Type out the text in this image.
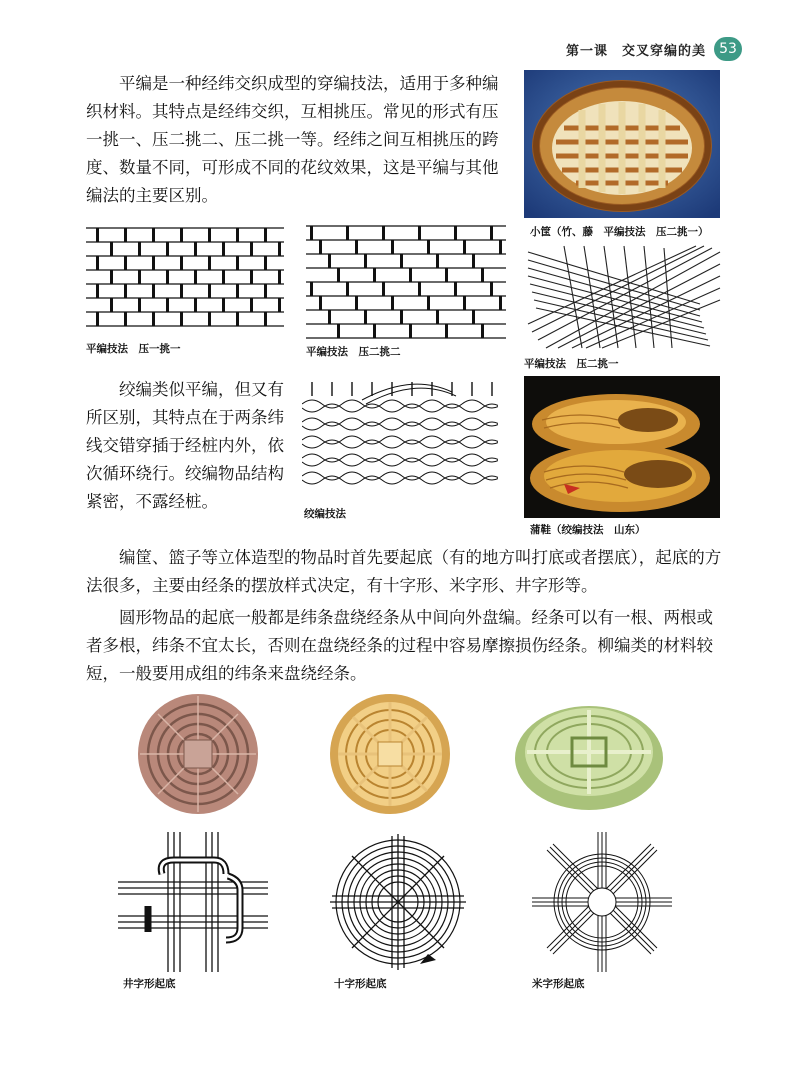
第一课　交叉穿编的美 53

　　平编是一种经纬交织成型的穿编技法，适用于多种编织材料。其特点是经纬交织，互相挑压。常见的形式有压一挑一、压二挑二、压二挑一等。经纬之间互相挑压的跨度、数量不同，可形成不同的花纹效果，这是平编与其他编法的主要区别。

小筐（竹、藤　平编技法　压二挑一）
平编技法　压一挑一	平编技法　压二挑二
平编技法　压二挑一

　　绞编类似平编，但又有所区别，其特点在于两条纬线交错穿插于经桩内外，依次循环绕行。绞编物品结构紧密，不露经桩。

绞编技法
蒲鞋（绞编技法　山东）

　　编筐、篮子等立体造型的物品时首先要起底（有的地方叫打底或者摆底），起底的方法很多，主要由经条的摆放样式决定，有十字形、米字形、井字形等。

　　圆形物品的起底一般都是纬条盘绕经条从中间向外盘编。经条可以有一根、两根或者多根，纬条不宜太长，否则在盘绕经条的过程中容易摩擦损伤经条。柳编类的材料较短，一般要用成组的纬条来盘绕经条。

井字形起底	十字形起底	米字形起底
